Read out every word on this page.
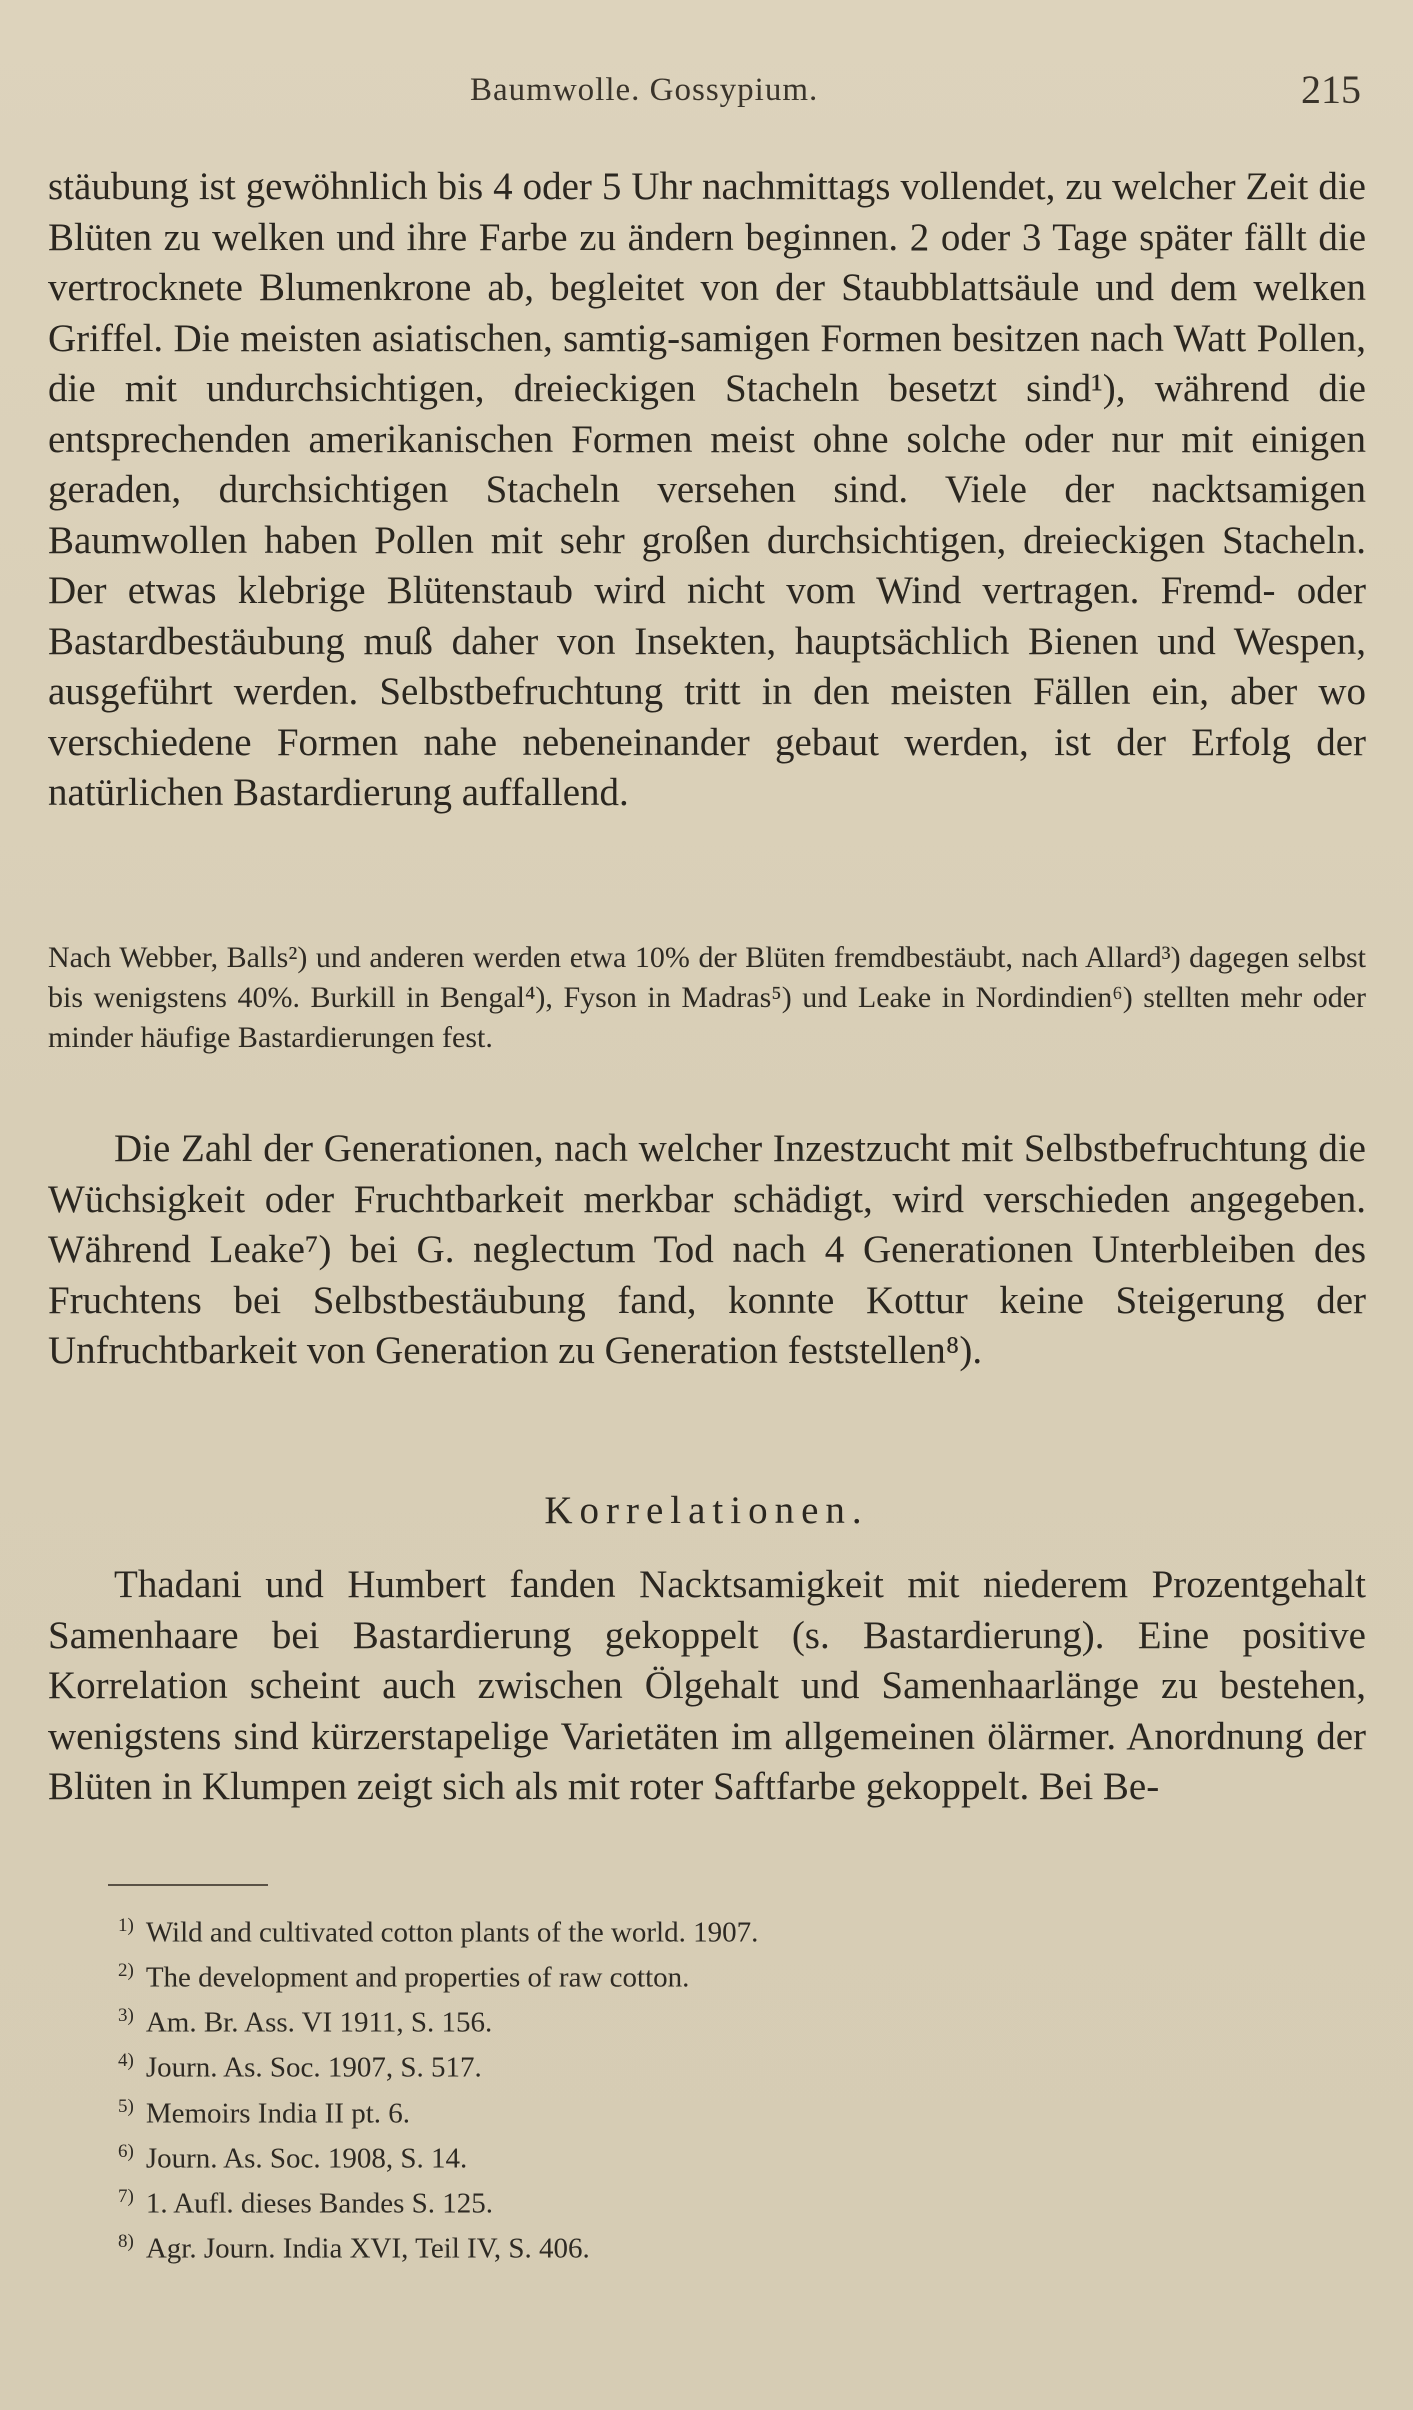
Baumwolle. Gossypium.	215

stäubung ist gewöhnlich bis 4 oder 5 Uhr nachmittags vollendet, zu welcher Zeit die Blüten zu welken und ihre Farbe zu ändern beginnen. 2 oder 3 Tage später fällt die vertrocknete Blumenkrone ab, begleitet von der Staubblattsäule und dem welken Griffel. Die meisten asiatischen, samtig-samigen Formen besitzen nach Watt Pollen, die mit undurchsichtigen, dreieckigen Stacheln besetzt sind¹), während die entsprechenden amerikanischen Formen meist ohne solche oder nur mit einigen geraden, durchsichtigen Stacheln versehen sind. Viele der nacktsamigen Baumwollen haben Pollen mit sehr großen durchsichtigen, dreieckigen Stacheln. Der etwas klebrige Blütenstaub wird nicht vom Wind vertragen. Fremd- oder Bastardbestäubung muß daher von Insekten, hauptsächlich Bienen und Wespen, ausgeführt werden. Selbstbefruchtung tritt in den meisten Fällen ein, aber wo verschiedene Formen nahe nebeneinander gebaut werden, ist der Erfolg der natürlichen Bastardierung auffallend.

Nach Webber, Balls²) und anderen werden etwa 10% der Blüten fremdbestäubt, nach Allard³) dagegen selbst bis wenigstens 40%. Burkill in Bengal⁴), Fyson in Madras⁵) und Leake in Nordindien⁶) stellten mehr oder minder häufige Bastardierungen fest.

Die Zahl der Generationen, nach welcher Inzestzucht mit Selbstbefruchtung die Wüchsigkeit oder Fruchtbarkeit merkbar schädigt, wird verschieden angegeben. Während Leake⁷) bei G. neglectum Tod nach 4 Generationen Unterbleiben des Fruchtens bei Selbstbestäubung fand, konnte Kottur keine Steigerung der Unfruchtbarkeit von Generation zu Generation feststellen⁸).

Korrelationen.

Thadani und Humbert fanden Nacktsamigkeit mit niederem Prozentgehalt Samenhaare bei Bastardierung gekoppelt (s. Bastardierung). Eine positive Korrelation scheint auch zwischen Ölgehalt und Samenhaarlänge zu bestehen, wenigstens sind kürzerstapelige Varietäten im allgemeinen ölärmer. Anordnung der Blüten in Klumpen zeigt sich als mit roter Saftfarbe gekoppelt. Bei Be-

$^{1)}$ Wild and cultivated cotton plants of the world. 1907.
$^{2)}$ The development and properties of raw cotton.
$^{3)}$ Am. Br. Ass. VI 1911, S. 156.
$^{4)}$ Journ. As. Soc. 1907, S. 517.
$^{5)}$ Memoirs India II pt. 6.
$^{6)}$ Journ. As. Soc. 1908, S. 14.
$^{7)}$ 1. Aufl. dieses Bandes S. 125.
$^{8)}$ Agr. Journ. India XVI, Teil IV, S. 406.
